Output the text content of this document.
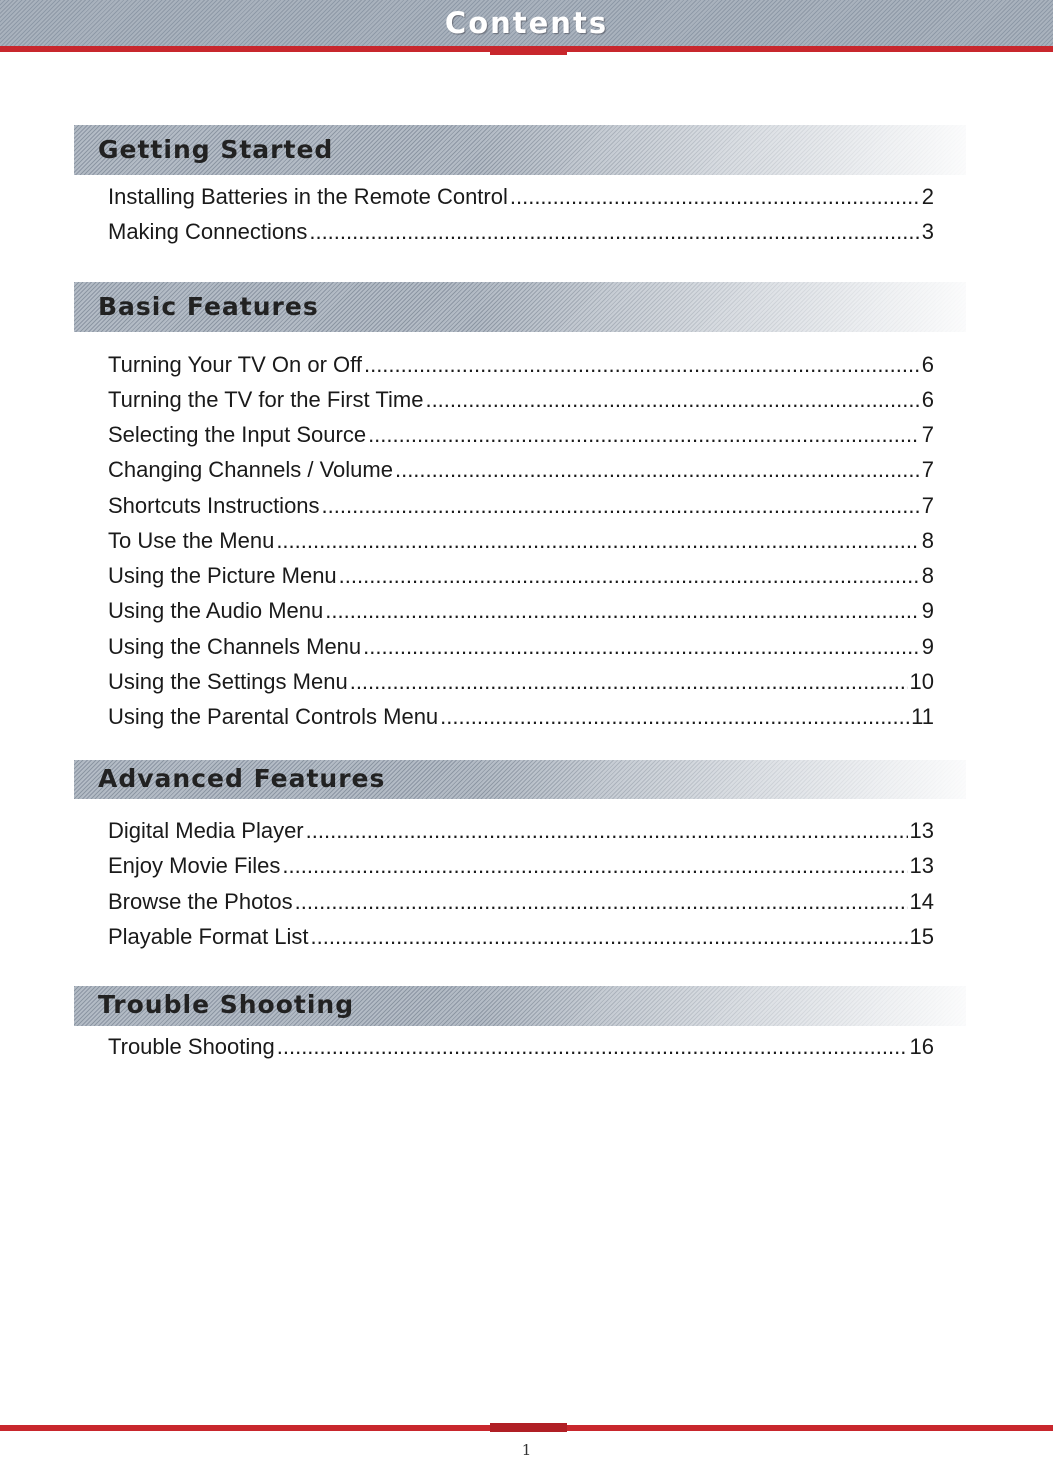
Contents
Getting Started
Installing Batteries in the Remote Control .....	2
Making Connections .....	3
Basic Features
Turning Your TV On or Off .....	6
Turning the TV for the First Time .....	6
Selecting the Input Source .....	7
Changing Channels / Volume .....	7
Shortcuts Instructions .....	7
To Use the Menu .....	8
Using the Picture Menu .....	8
Using the Audio Menu .....	9
Using the Channels Menu .....	9
Using the Settings Menu .....	10
Using the Parental Controls Menu .....	11
Advanced Features
Digital Media Player .....	13
Enjoy Movie Files .....	13
Browse the Photos .....	14
Playable Format List .....	15
Trouble Shooting
Trouble Shooting .....	16
1
